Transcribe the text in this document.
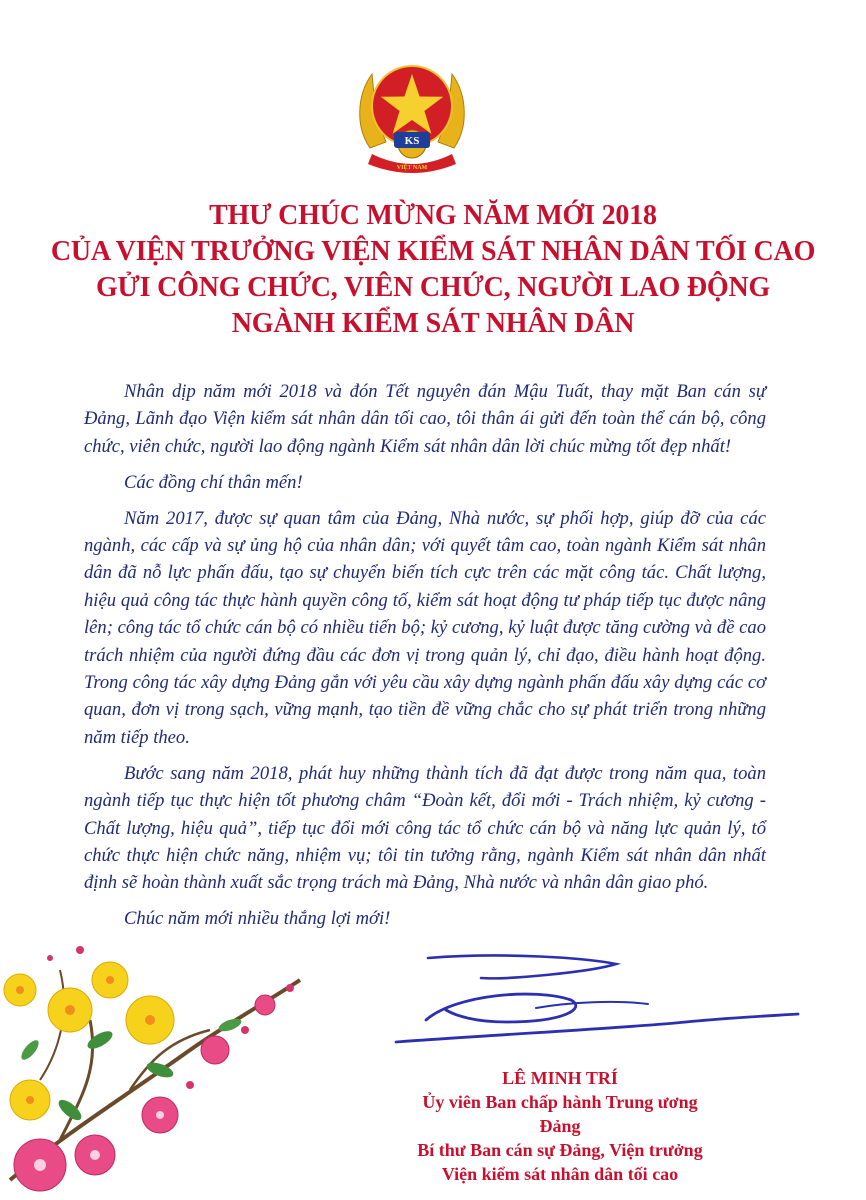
KS
VIỆT NAM
THƯ CHÚC MỪNG NĂM MỚI 2018
CỦA VIỆN TRƯỞNG VIỆN KIỂM SÁT NHÂN DÂN TỐI CAO
GỬI CÔNG CHỨC, VIÊN CHỨC, NGƯỜI LAO ĐỘNG
NGÀNH KIỂM SÁT NHÂN DÂN

Nhân dịp năm mới 2018 và đón Tết nguyên đán Mậu Tuất, thay mặt Ban cán sự Đảng, Lãnh đạo Viện kiểm sát nhân dân tối cao, tôi thân ái gửi đến toàn thể cán bộ, công chức, viên chức, người lao động ngành Kiểm sát nhân dân lời chúc mừng tốt đẹp nhất!

Các đồng chí thân mến!

Năm 2017, được sự quan tâm của Đảng, Nhà nước, sự phối hợp, giúp đỡ của các ngành, các cấp và sự ủng hộ của nhân dân; với quyết tâm cao, toàn ngành Kiểm sát nhân dân đã nỗ lực phấn đấu, tạo sự chuyển biến tích cực trên các mặt công tác. Chất lượng, hiệu quả công tác thực hành quyền công tố, kiểm sát hoạt động tư pháp tiếp tục được nâng lên; công tác tổ chức cán bộ có nhiều tiến bộ; kỷ cương, kỷ luật được tăng cường và đề cao trách nhiệm của người đứng đầu các đơn vị trong quản lý, chỉ đạo, điều hành hoạt động. Trong công tác xây dựng Đảng gắn với yêu cầu xây dựng ngành phấn đấu xây dựng các cơ quan, đơn vị trong sạch, vững mạnh, tạo tiền đề vững chắc cho sự phát triển trong những năm tiếp theo.

Bước sang năm 2018, phát huy những thành tích đã đạt được trong năm qua, toàn ngành tiếp tục thực hiện tốt phương châm “Đoàn kết, đổi mới - Trách nhiệm, kỷ cương - Chất lượng, hiệu quả”, tiếp tục đổi mới công tác tổ chức cán bộ và năng lực quản lý, tổ chức thực hiện chức năng, nhiệm vụ; tôi tin tưởng rằng, ngành Kiểm sát nhân dân nhất định sẽ hoàn thành xuất sắc trọng trách mà Đảng, Nhà nước và nhân dân giao phó.

Chúc năm mới nhiều thắng lợi mới!

LÊ MINH TRÍ
Ủy viên Ban chấp hành Trung ương Đảng
Bí thư Ban cán sự Đảng, Viện trưởng
Viện kiểm sát nhân dân tối cao
